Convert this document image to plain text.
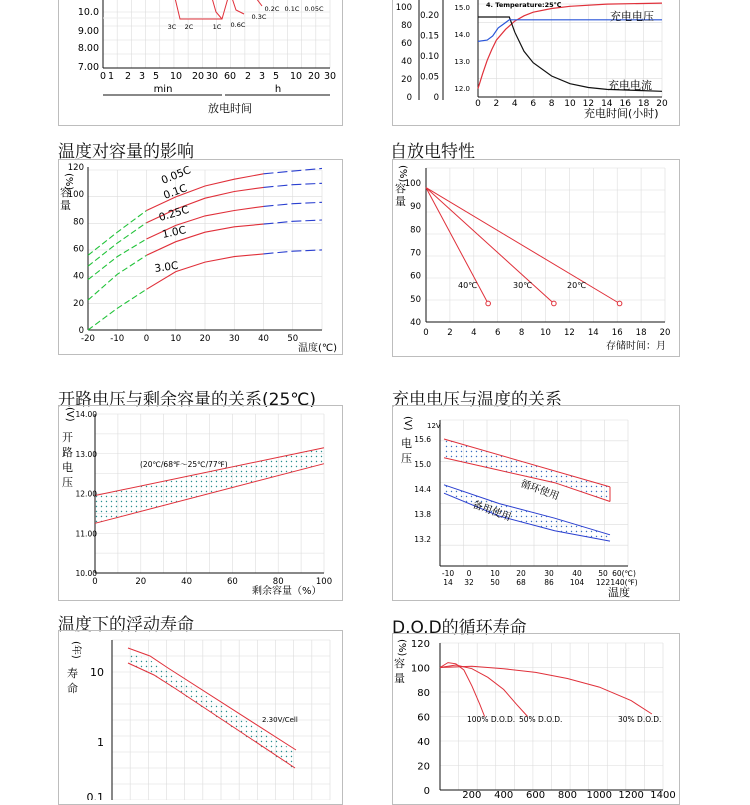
温度对容量的影响	自放电特性
开路电压与剩余容量的关系(25℃)	充电电压与温度的关系
温度下的浮动寿命	D.O.D的循环寿命
7.00
8.00
9.00
10.0
0 1 2 3 5 10 20 30 60 2 3 5 10 20 30
3C 2C	1C 0.6C
0.3C
0.2C 0.1C 0.05C
min	h
放电时间
0
20
40
60
80
100
0
0.05
0.10
0.15
0.20
12.0
13.0
14.0
15.0
0 2 4 6 8 10 12 14 16 18 20
4. Temperature:25℃
充电电压
充电电流
充电时间(小时)
0
20
40
60
80
100
120
-20 -10 0 10 20 30 40 50
0.05C
0.1C
0.25C
1.0C
3.0C
(%)
容
量
温度(℃)
40℃	30℃	20℃
40
50
60
70
80
90
100
0 2 4 6 8 10 12 14 16 18 20
(%)
容
量
存储时间：月
10.00
11.00
12.00
13.00
14.00
0	20	40	60	80	100
(20℃/68℉～25℃/77℉)
(V)
开
路
电
压
剩余容量（%）
13.2
13.8
14.4
15.0
15.6
-10 0	10 20 30 40 50 60(℃)
14 32 50 68 86 104 122 140(℉)
12V
(V)
电
压
循环使用
备用使用
温度
0.1
1
10
2.30V/Cell
(年)
寿
命
100% D.O.D. 50% D.O.D.	30% D.O.D.
0
20
40
60
80
100
120
200 400 600 800 1000 1200 1400
(%)
容
量
